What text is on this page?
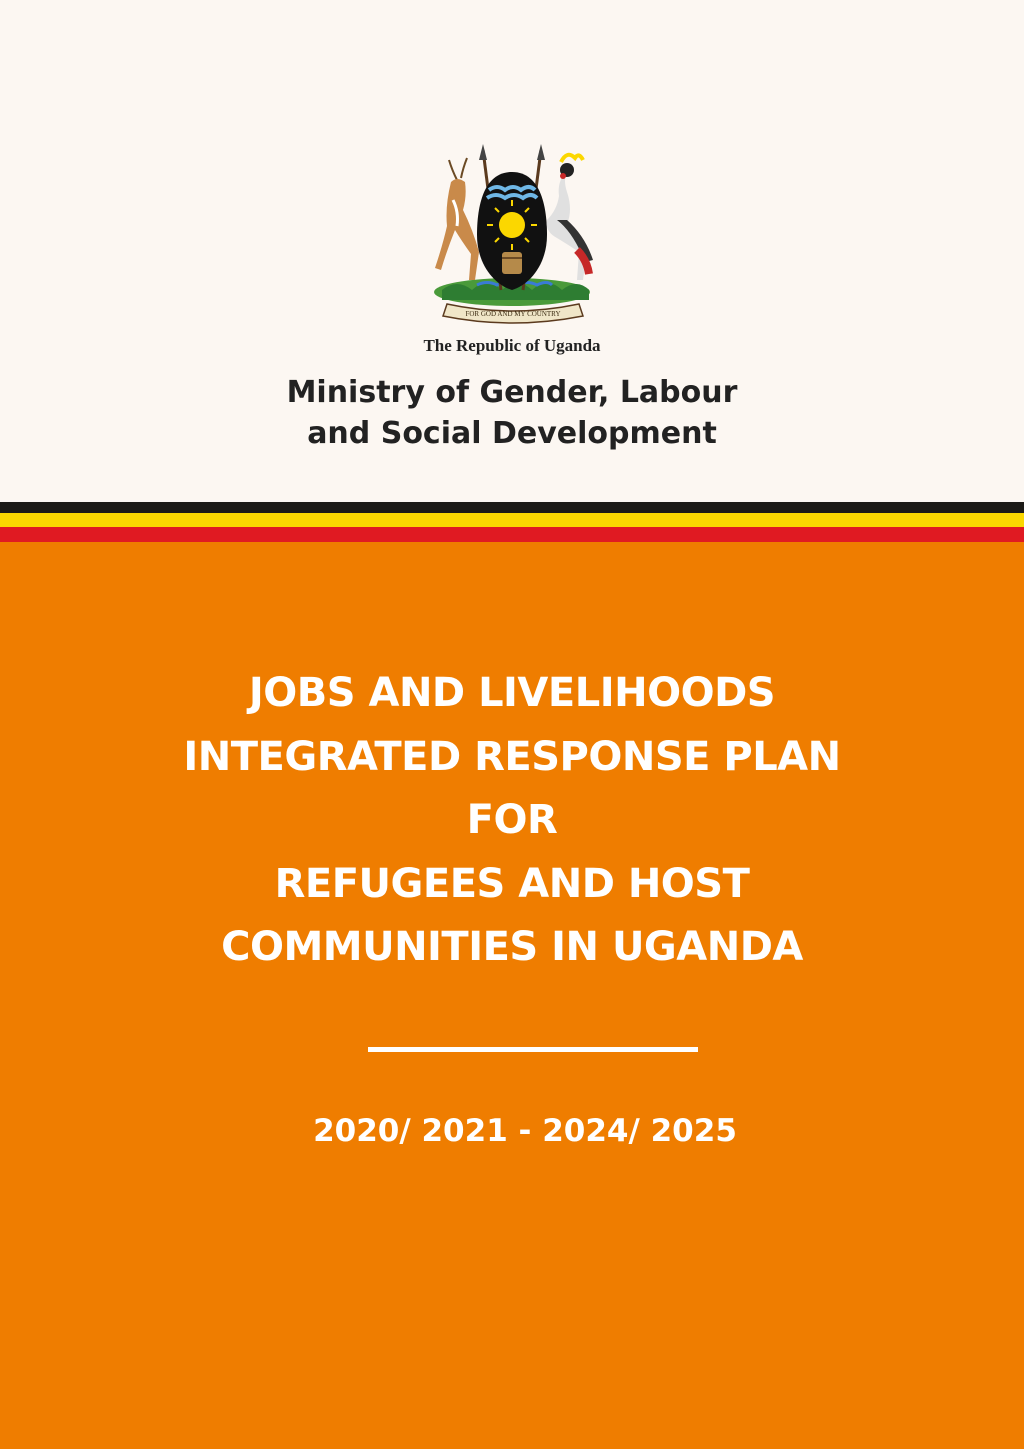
FOR GOD AND MY COUNTRY
The Republic of Uganda
Ministry of Gender, Labour
and Social Development
JOBS AND LIVELIHOODS
INTEGRATED RESPONSE PLAN
FOR
REFUGEES AND HOST
COMMUNITIES IN UGANDA
2020/ 2021 - 2024/ 2025
